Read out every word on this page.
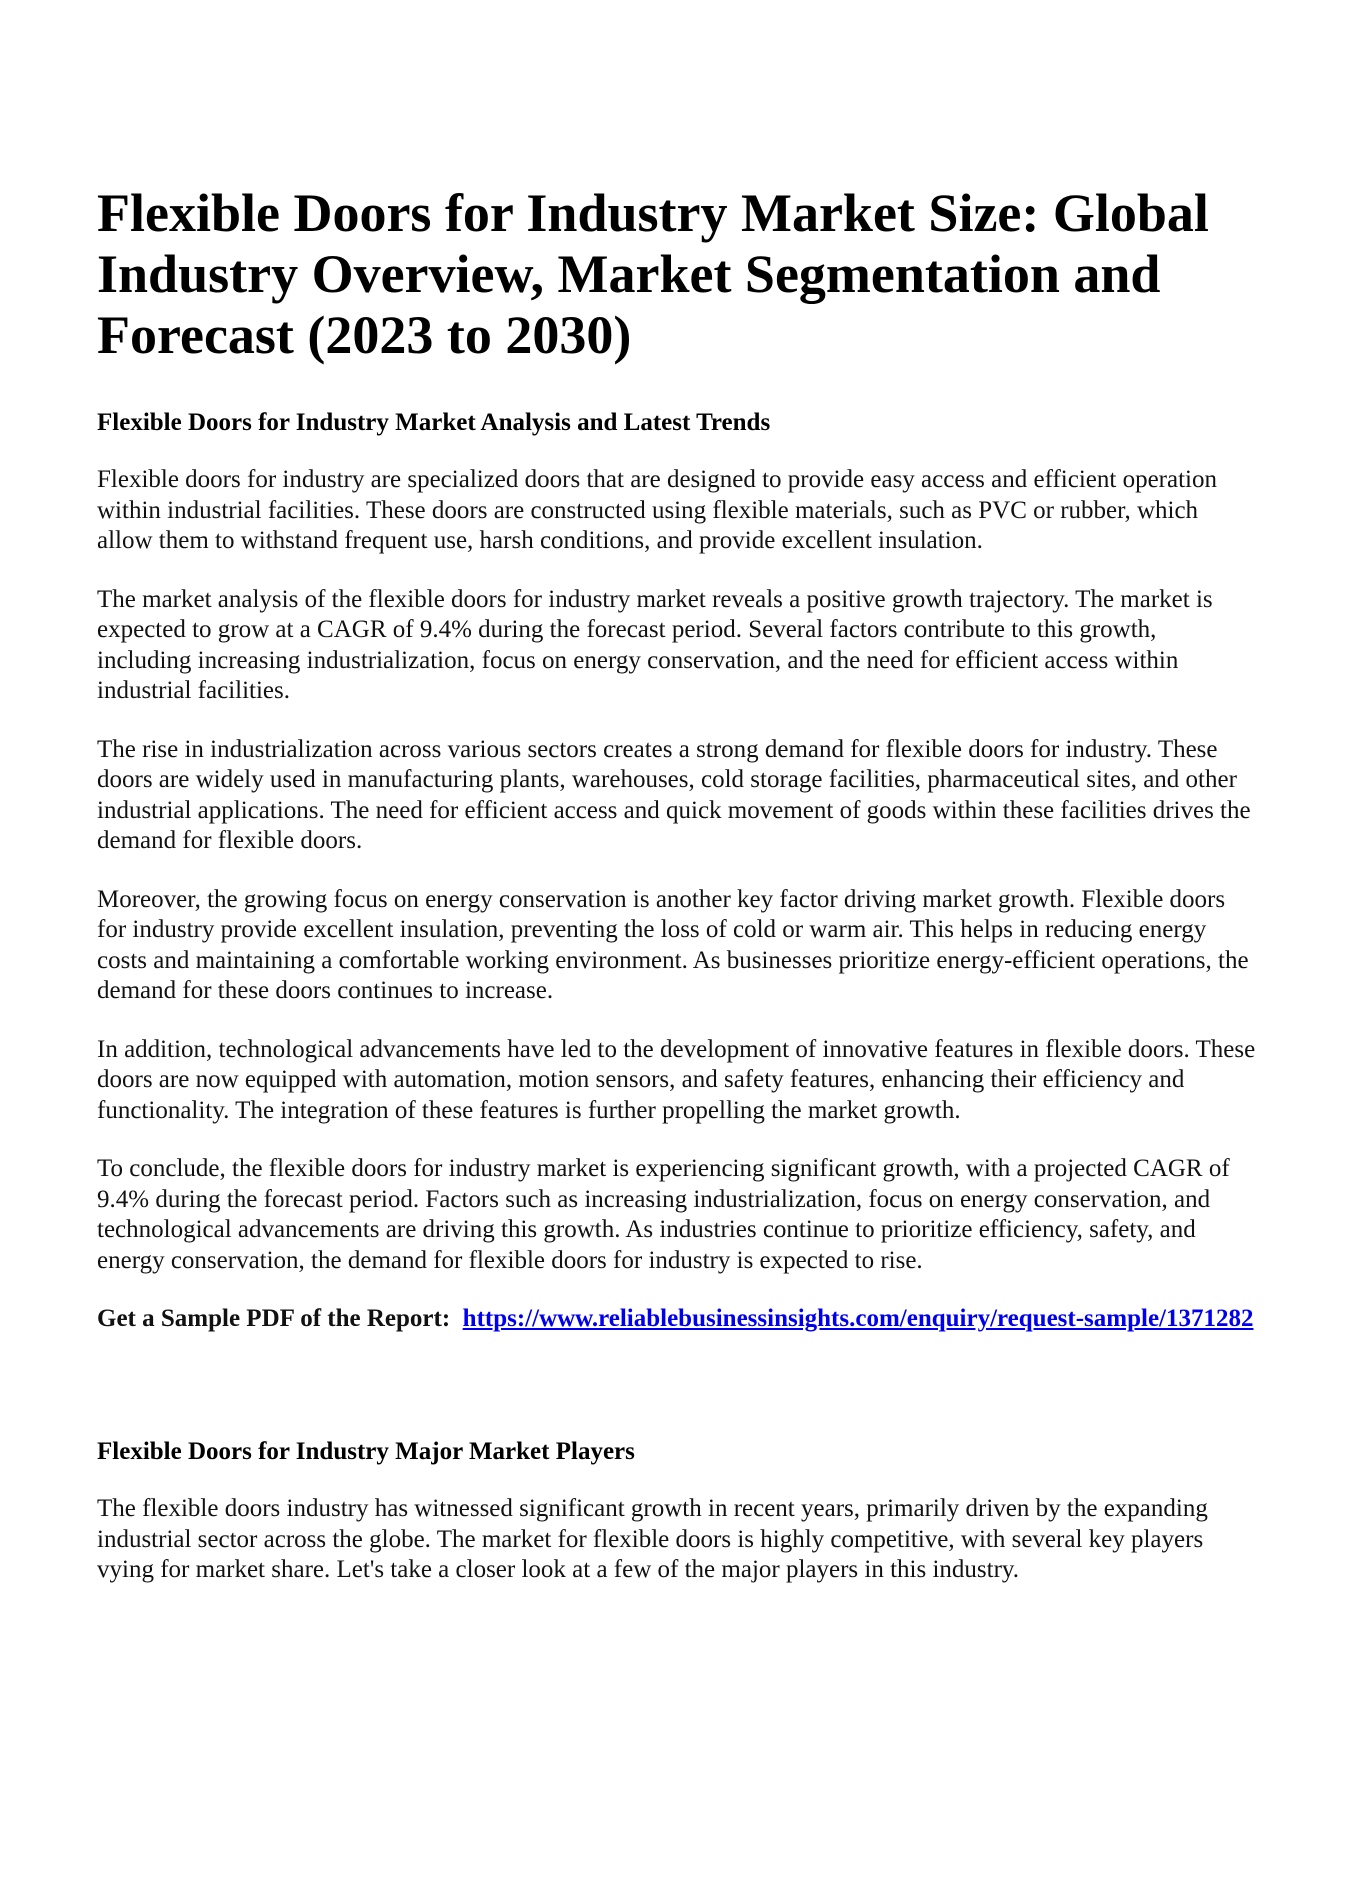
Flexible Doors for Industry Market Size: Global Industry Overview, Market Segmentation and Forecast (2023 to 2030)
Flexible Doors for Industry Market Analysis and Latest Trends

Flexible doors for industry are specialized doors that are designed to provide easy access and efficient operation within industrial facilities. These doors are constructed using flexible materials, such as PVC or rubber, which allow them to withstand frequent use, harsh conditions, and provide excellent insulation.

The market analysis of the flexible doors for industry market reveals a positive growth trajectory. The market is expected to grow at a CAGR of 9.4% during the forecast period. Several factors contribute to this growth, including increasing industrialization, focus on energy conservation, and the need for efficient access within industrial facilities.

The rise in industrialization across various sectors creates a strong demand for flexible doors for industry. These doors are widely used in manufacturing plants, warehouses, cold storage facilities, pharmaceutical sites, and other industrial applications. The need for efficient access and quick movement of goods within these facilities drives the demand for flexible doors.

Moreover, the growing focus on energy conservation is another key factor driving market growth. Flexible doors for industry provide excellent insulation, preventing the loss of cold or warm air. This helps in reducing energy costs and maintaining a comfortable working environment. As businesses prioritize energy-efficient operations, the demand for these doors continues to increase.

In addition, technological advancements have led to the development of innovative features in flexible doors. These doors are now equipped with automation, motion sensors, and safety features, enhancing their efficiency and functionality. The integration of these features is further propelling the market growth.

To conclude, the flexible doors for industry market is experiencing significant growth, with a projected CAGR of 9.4% during the forecast period. Factors such as increasing industrialization, focus on energy conservation, and technological advancements are driving this growth. As industries continue to prioritize efficiency, safety, and energy conservation, the demand for flexible doors for industry is expected to rise.

Get a Sample PDF of the Report: https://www.reliablebusinessinsights.com/enquiry/request-sample/1371282
Flexible Doors for Industry Major Market Players

The flexible doors industry has witnessed significant growth in recent years, primarily driven by the expanding industrial sector across the globe. The market for flexible doors is highly competitive, with several key players vying for market share. Let's take a closer look at a few of the major players in this industry.
